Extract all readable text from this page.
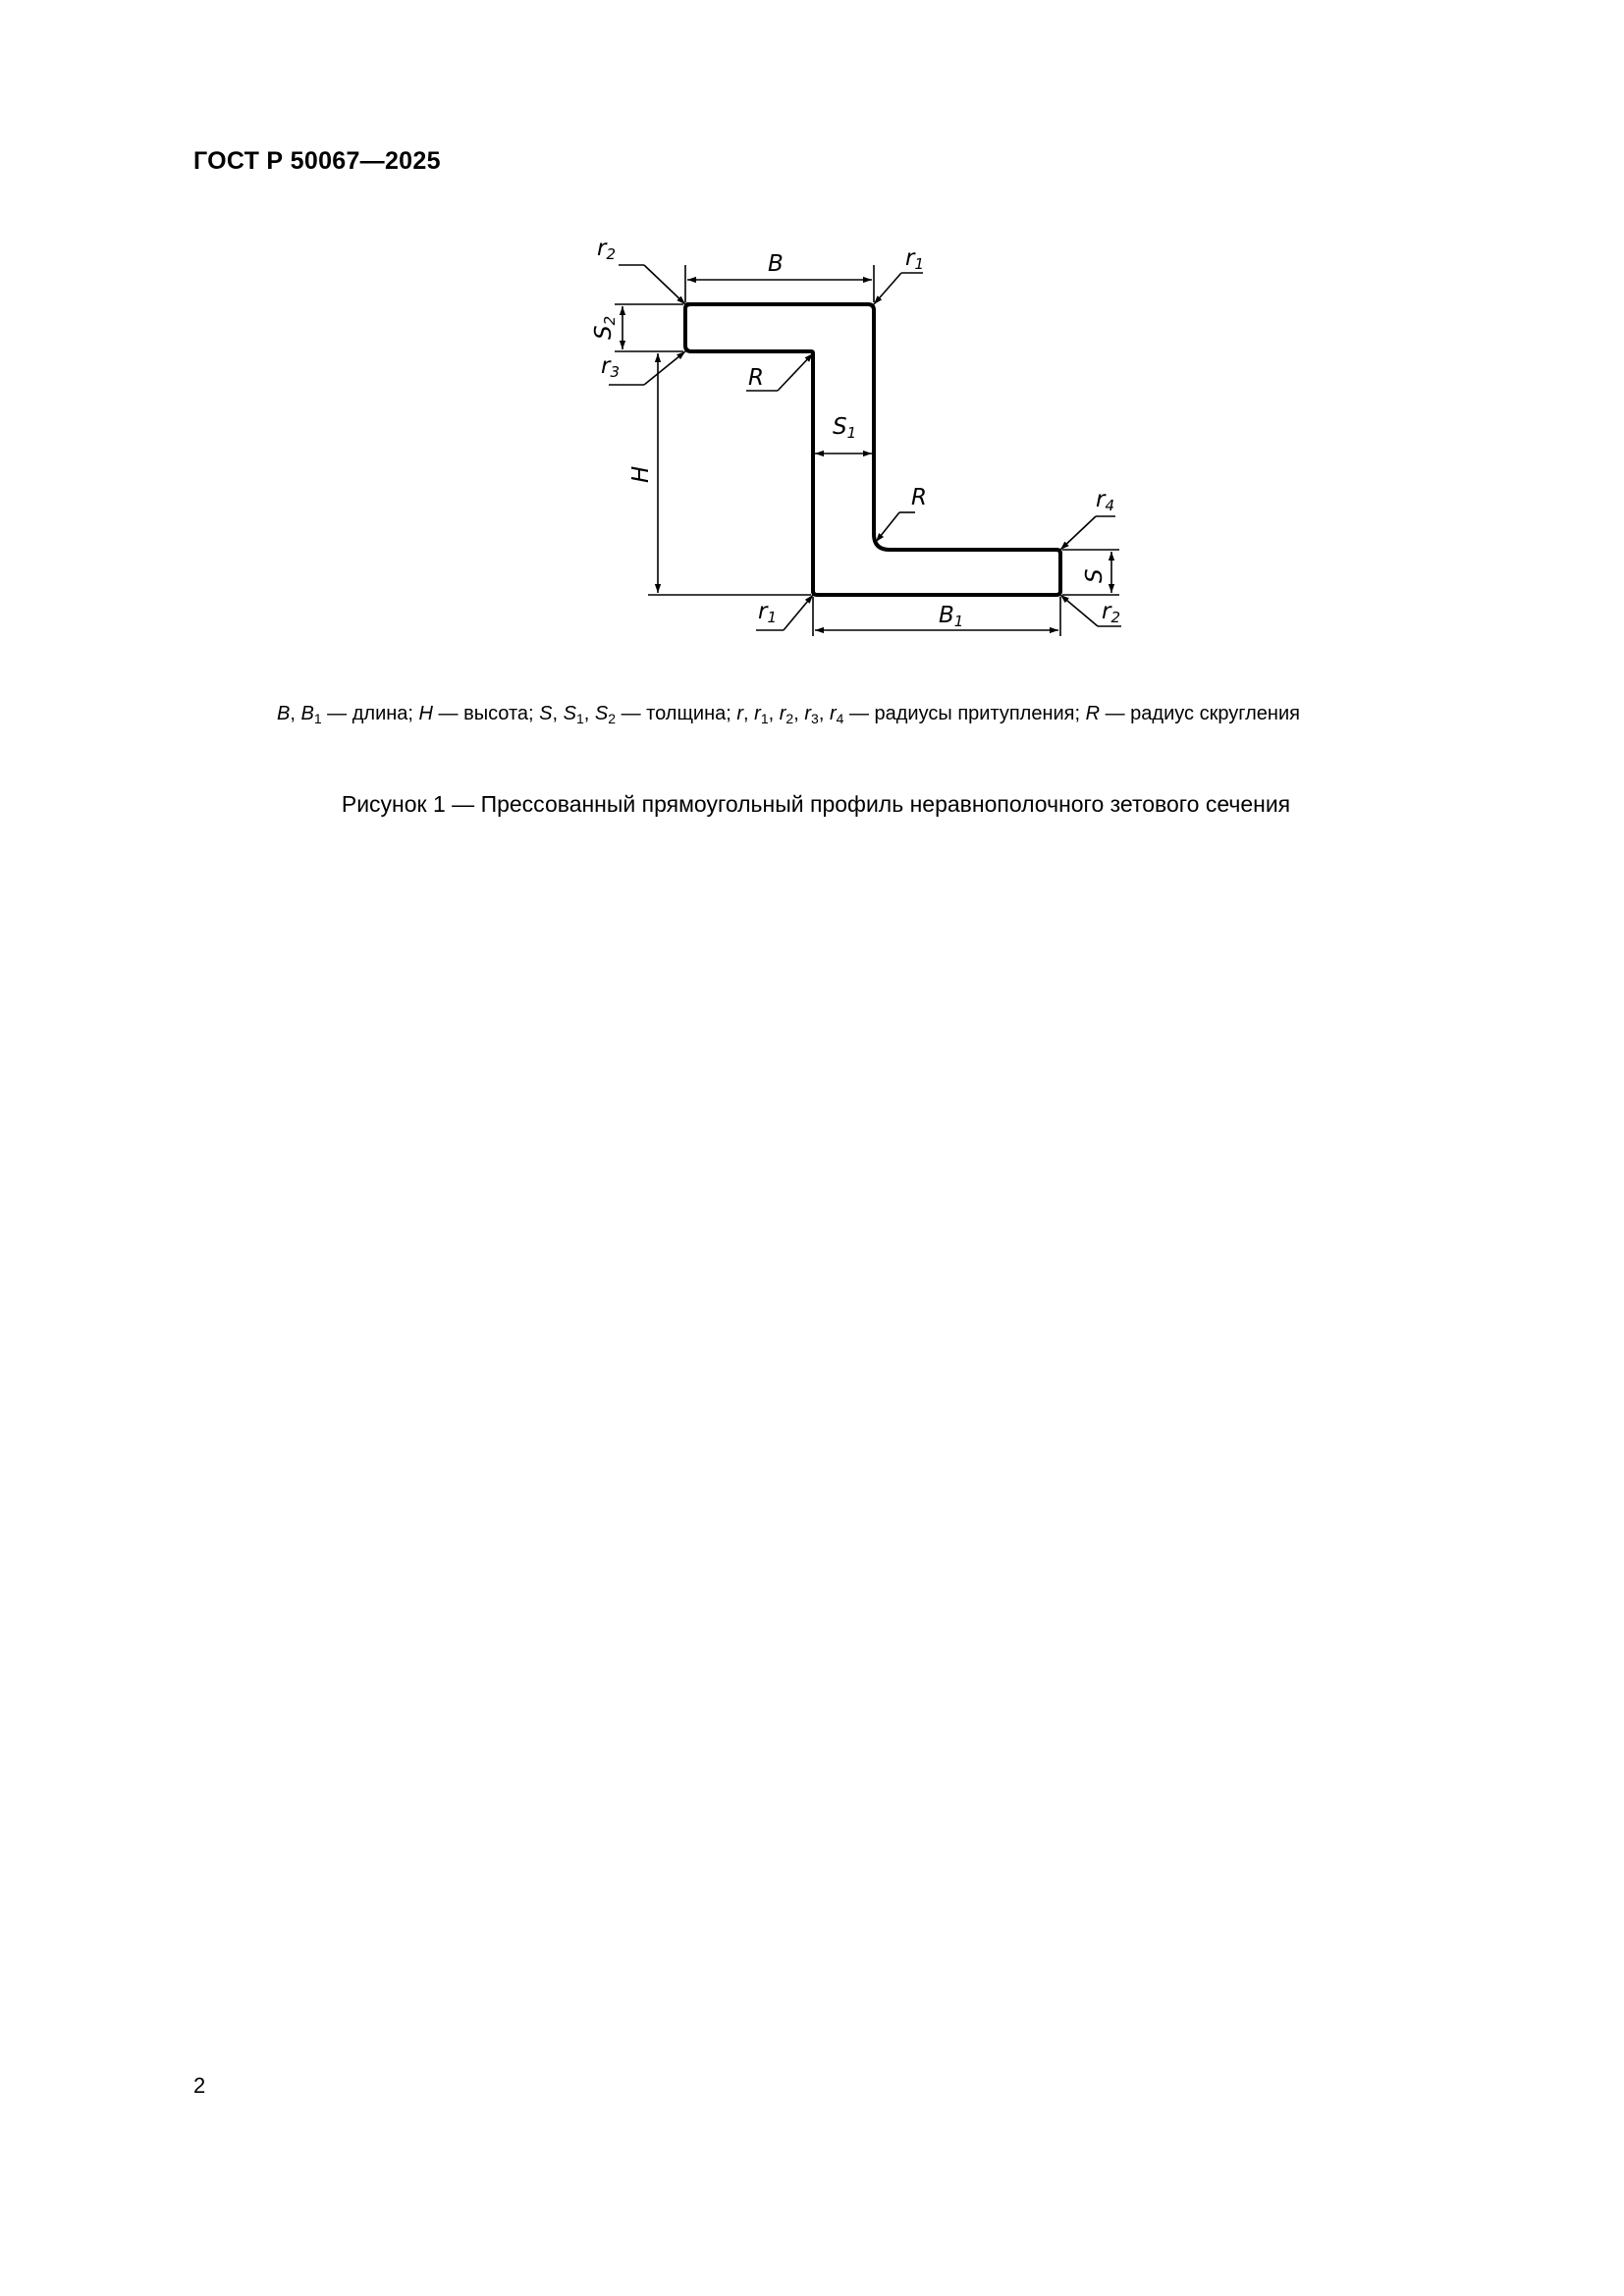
ГОСТ Р 50067—2025
B
S2
H
S1
S
B1
r2	r1
r3	R
R	r4
r1	r2
B, $B_1$ — длина; H — высота; S, $S_1$, $S_2$ — толщина; r, $r_1$, $r_2$, $r_3$, $r_4$ — радиусы притупления; R — радиус скругления
Рисунок 1 — Прессованный прямоугольный профиль неравнополочного зетового сечения
2
